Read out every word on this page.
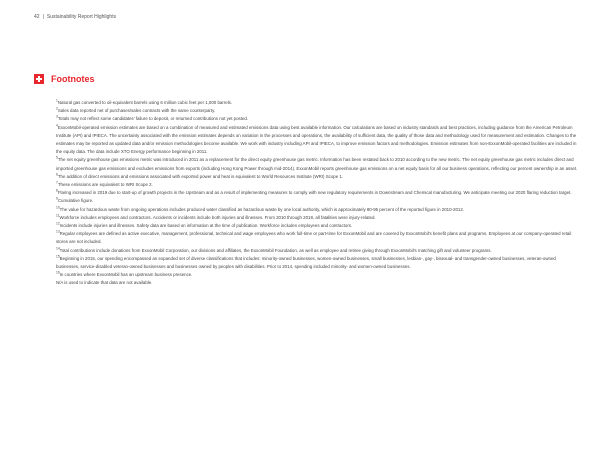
42 | Sustainability Report Highlights
Footnotes

$^1$Natural gas converted to oil-equivalent barrels using 6 million cubic feet per 1,000 barrels.

$^2$Sales data reported net of purchases/sales contracts with the same counterparty.

$^3$Totals may not reflect some candidates' failure to deposit, or returned contributions not yet posted.

$^4$ExxonMobil-operated emission estimates are based on a combination of measured and estimated emissions data using best available information. Our calculations are based on industry standards and best practices, including guidance from the American Petroleum Institute (API) and IPIECA. The uncertainty associated with the emission estimates depends on variation in the processes and operations, the availability of sufficient data, the quality of those data and methodology used for measurement and estimation. Changes to the estimates may be reported as updated data and/or emission methodologies become available. We work with industry including API and IPIECA, to improve emission factors and methodologies. Emission estimates from non-ExxonMobil-operated facilities are included in the equity data. The data include XTO Energy performance beginning in 2011.

$^5$The net equity greenhouse gas emissions metric was introduced in 2011 as a replacement for the direct equity greenhouse gas metric. Information has been restated back to 2010 according to the new metric. The net equity greenhouse gas metric includes direct and imported greenhouse gas emissions and excludes emissions from exports (including Hong Kong Power through mid-2014). ExxonMobil reports greenhouse gas emissions on a net equity basis for all our business operations, reflecting our percent ownership in an asset.

$^6$The addition of direct emissions and emissions associated with exported power and heat is equivalent to World Resources Institute (WRI) Scope 1.

$^7$These emissions are equivalent to WRI Scope 2.

$^8$Flaring increased in 2019 due to start-up of growth projects in the Upstream and as a result of implementing measures to comply with new regulatory requirements in Downstream and Chemical manufacturing. We anticipate meeting our 2020 flaring reduction target.

$^9$Cumulative figure.

$^{10}$The value for hazardous waste from ongoing operations includes produced water classified as hazardous waste by one local authority, which is approximately 80-95 percent of the reported figure in 2010-2012.

$^{11}$Workforce includes employees and contractors. Accidents or incidents include both injuries and illnesses. From 2010 through 2019, all fatalities were injury-related.

$^{12}$Incidents include injuries and illnesses. Safety data are based on information at the time of publication. Workforce includes employees and contractors.

$^{13}$Regular employees are defined as active executive, management, professional, technical and wage employees who work full-time or part-time for ExxonMobil and are covered by ExxonMobil's benefit plans and programs. Employees at our company-operated retail stores are not included.

$^{14}$Total contributions include donations from ExxonMobil Corporation, our divisions and affiliates, the ExxonMobil Foundation, as well as employee and retiree giving through ExxonMobil's matching gift and volunteer programs.

$^{15}$Beginning in 2015, our spending encompassed an expanded set of diverse classifications that includes: minority-owned businesses, women-owned businesses, small businesses, lesbian-, gay-, bisexual- and transgender-owned businesses, veteran-owned businesses, service-disabled veteran-owned businesses and businesses owned by peoples with disabilities. Prior to 2014, spending included minority- and women-owned businesses.

$^{16}$In countries where ExxonMobil has an upstream business presence.

N/A is used to indicate that data are not available.
